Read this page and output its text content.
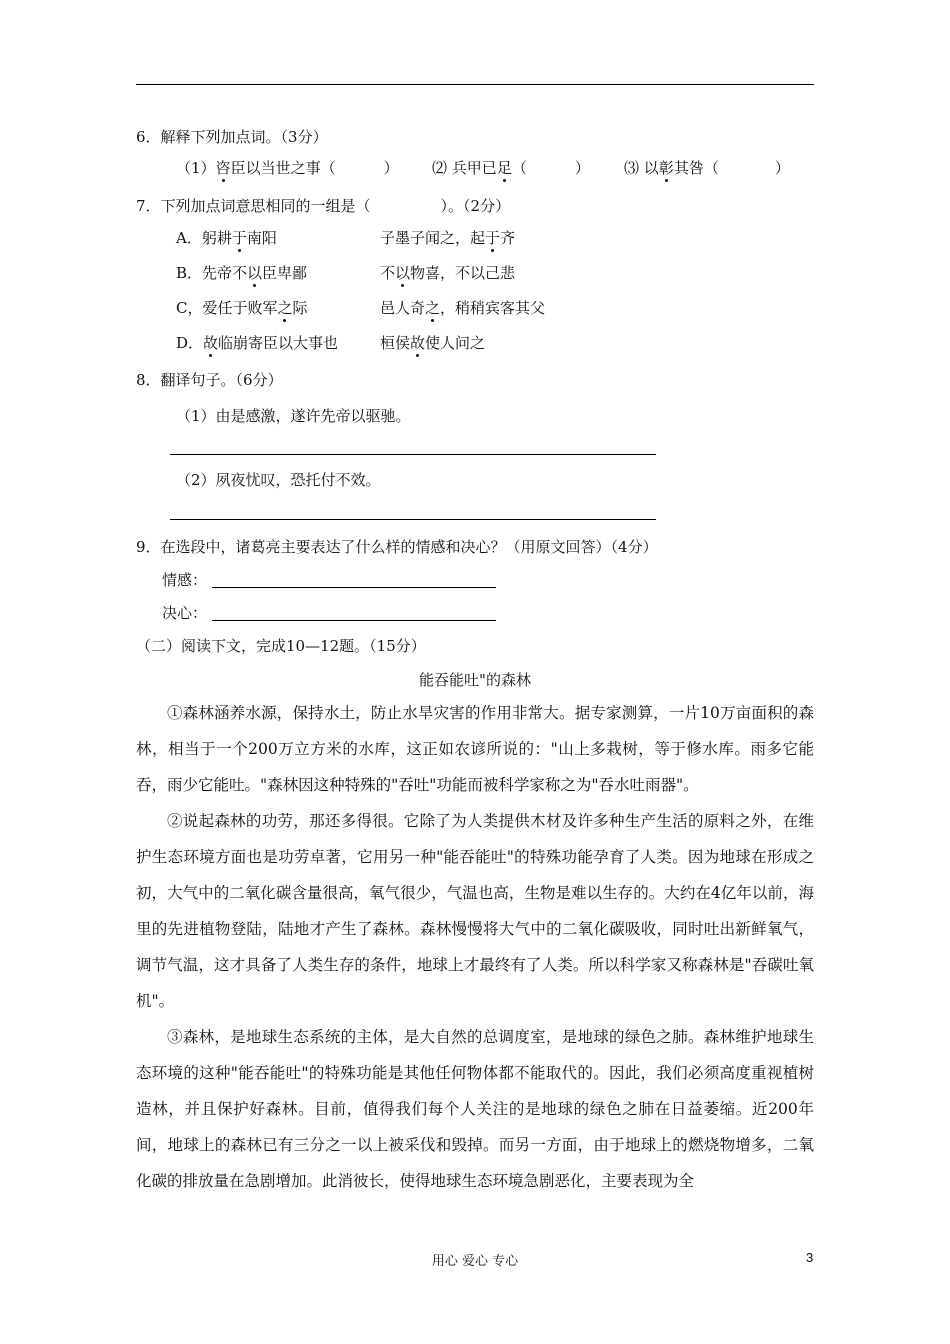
6．解释下列加点词。（3分）
（1）咨臣以当世之事（	） ⑵ 兵甲已足（	） ⑶ 以彰其咎（	）
7．下列加点词意思相同的一组是（	）。（2分）
A．躬耕于南阳	子墨子闻之，起于齐
B．先帝不以臣卑鄙	不以物喜，不以己悲
C，爱任于败军之际	邑人奇之，稍稍宾客其父
D．故临崩寄臣以大事也	桓侯故使人问之
8．翻译句子。（6分）
（1）由是感激，遂许先帝以驱驰。
（2）夙夜忧叹，恐托付不效。
9．在选段中，诸葛亮主要表达了什么样的情感和决心？（用原文回答）（4分）
情感：
决心：
（二）阅读下文，完成10—12题。（15分）
能吞能吐"的森林

①森林涵养水源，保持水土，防止水旱灾害的作用非常大。据专家测算，一片10万亩面积的森林，相当于一个200万立方米的水库，这正如农谚所说的："山上多栽树，等于修水库。雨多它能吞，雨少它能吐。"森林因这种特殊的"吞吐"功能而被科学家称之为"吞水吐雨器"。

②说起森林的功劳，那还多得很。它除了为人类提供木材及许多种生产生活的原料之外，在维护生态环境方面也是功劳卓著，它用另一种"能吞能吐"的特殊功能孕育了人类。因为地球在形成之初，大气中的二氧化碳含量很高，氧气很少，气温也高，生物是难以生存的。大约在4亿年以前，海里的先进植物登陆，陆地才产生了森林。森林慢慢将大气中的二氧化碳吸收，同时吐出新鲜氧气，调节气温，这才具备了人类生存的条件，地球上才最终有了人类。所以科学家又称森林是"吞碳吐氧机"。

③森林，是地球生态系统的主体，是大自然的总调度室，是地球的绿色之肺。森林维护地球生态环境的这种"能吞能吐"的特殊功能是其他任何物体都不能取代的。因此，我们必须高度重视植树造林，并且保护好森林。目前，值得我们每个人关注的是地球的绿色之肺在日益萎缩。近200年间，地球上的森林已有三分之一以上被采伐和毁掉。而另一方面，由于地球上的燃烧物增多，二氧化碳的排放量在急剧增加。此消彼长，使得地球生态环境急剧恶化，主要表现为全

用心 爱心 专心	3
